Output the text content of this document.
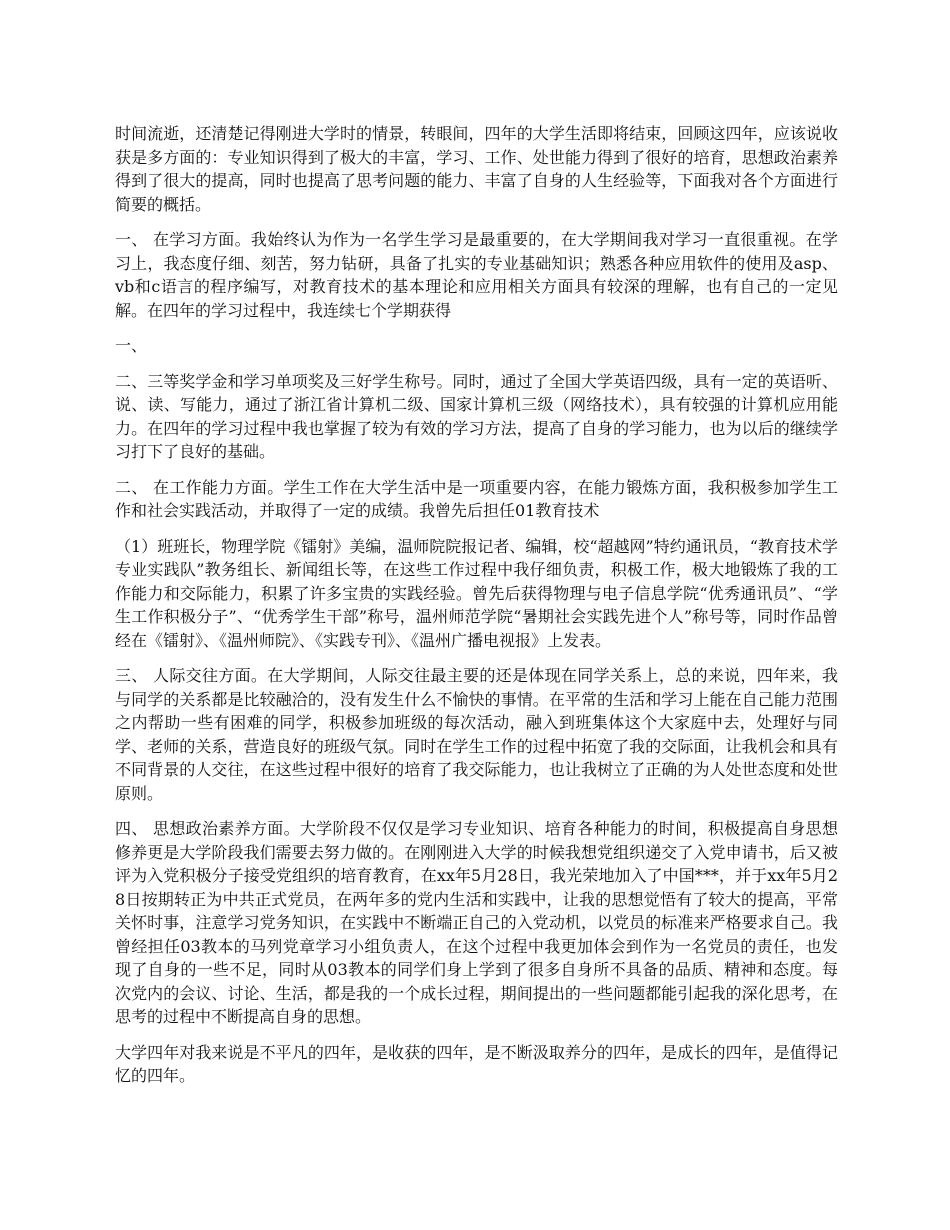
时间流逝，还清楚记得刚进大学时的情景，转眼间，四年的大学生活即将结束，回顾这四年，应该说收获是多方面的：专业知识得到了极大的丰富，学习、工作、处世能力得到了很好的培育，思想政治素养得到了很大的提高，同时也提高了思考问题的能力、丰富了自身的人生经验等，下面我对各个方面进行简要的概括。

一、 在学习方面。我始终认为作为一名学生学习是最重要的，在大学期间我对学习一直很重视。在学习上，我态度仔细、刻苦，努力钻研，具备了扎实的专业基础知识；熟悉各种应用软件的使用及asp、vb和c语言的程序编写，对教育技术的基本理论和应用相关方面具有较深的理解，也有自己的一定见解。在四年的学习过程中，我连续七个学期获得

一、

二、三等奖学金和学习单项奖及三好学生称号。同时，通过了全国大学英语四级，具有一定的英语听、说、读、写能力，通过了浙江省计算机二级、国家计算机三级（网络技术），具有较强的计算机应用能力。在四年的学习过程中我也掌握了较为有效的学习方法，提高了自身的学习能力，也为以后的继续学习打下了良好的基础。

二、 在工作能力方面。学生工作在大学生活中是一项重要内容，在能力锻炼方面，我积极参加学生工作和社会实践活动，并取得了一定的成绩。我曾先后担任01教育技术

（1）班班长，物理学院《镭射》美编，温师院院报记者、编辑，校“超越网”特约通讯员，“教育技术学专业实践队”教务组长、新闻组长等，在这些工作过程中我仔细负责，积极工作，极大地锻炼了我的工作能力和交际能力，积累了许多宝贵的实践经验。曾先后获得物理与电子信息学院“优秀通讯员”、“学生工作积极分子”、“优秀学生干部”称号，温州师范学院“暑期社会实践先进个人”称号等，同时作品曾经在《镭射》、《温州师院》、《实践专刊》、《温州广播电视报》上发表。

三、 人际交往方面。在大学期间，人际交往最主要的还是体现在同学关系上，总的来说，四年来，我与同学的关系都是比较融洽的，没有发生什么不愉快的事情。在平常的生活和学习上能在自己能力范围之内帮助一些有困难的同学，积极参加班级的每次活动，融入到班集体这个大家庭中去，处理好与同学、老师的关系，营造良好的班级气氛。同时在学生工作的过程中拓宽了我的交际面，让我机会和具有不同背景的人交往，在这些过程中很好的培育了我交际能力，也让我树立了正确的为人处世态度和处世原则。

四、 思想政治素养方面。大学阶段不仅仅是学习专业知识、培育各种能力的时间，积极提高自身思想修养更是大学阶段我们需要去努力做的。在刚刚进入大学的时候我想党组织递交了入党申请书，后又被评为入党积极分子接受党组织的培育教育，在xx年5月28日，我光荣地加入了中国***，并于xx年5月28日按期转正为中共正式党员，在两年多的党内生活和实践中，让我的思想觉悟有了较大的提高，平常关怀时事，注意学习党务知识，在实践中不断端正自己的入党动机，以党员的标准来严格要求自己。我曾经担任03教本的马列党章学习小组负责人，在这个过程中我更加体会到作为一名党员的责任，也发现了自身的一些不足，同时从03教本的同学们身上学到了很多自身所不具备的品质、精神和态度。每次党内的会议、讨论、生活，都是我的一个成长过程，期间提出的一些问题都能引起我的深化思考，在思考的过程中不断提高自身的思想。

大学四年对我来说是不平凡的四年，是收获的四年，是不断汲取养分的四年，是成长的四年，是值得记忆的四年。
